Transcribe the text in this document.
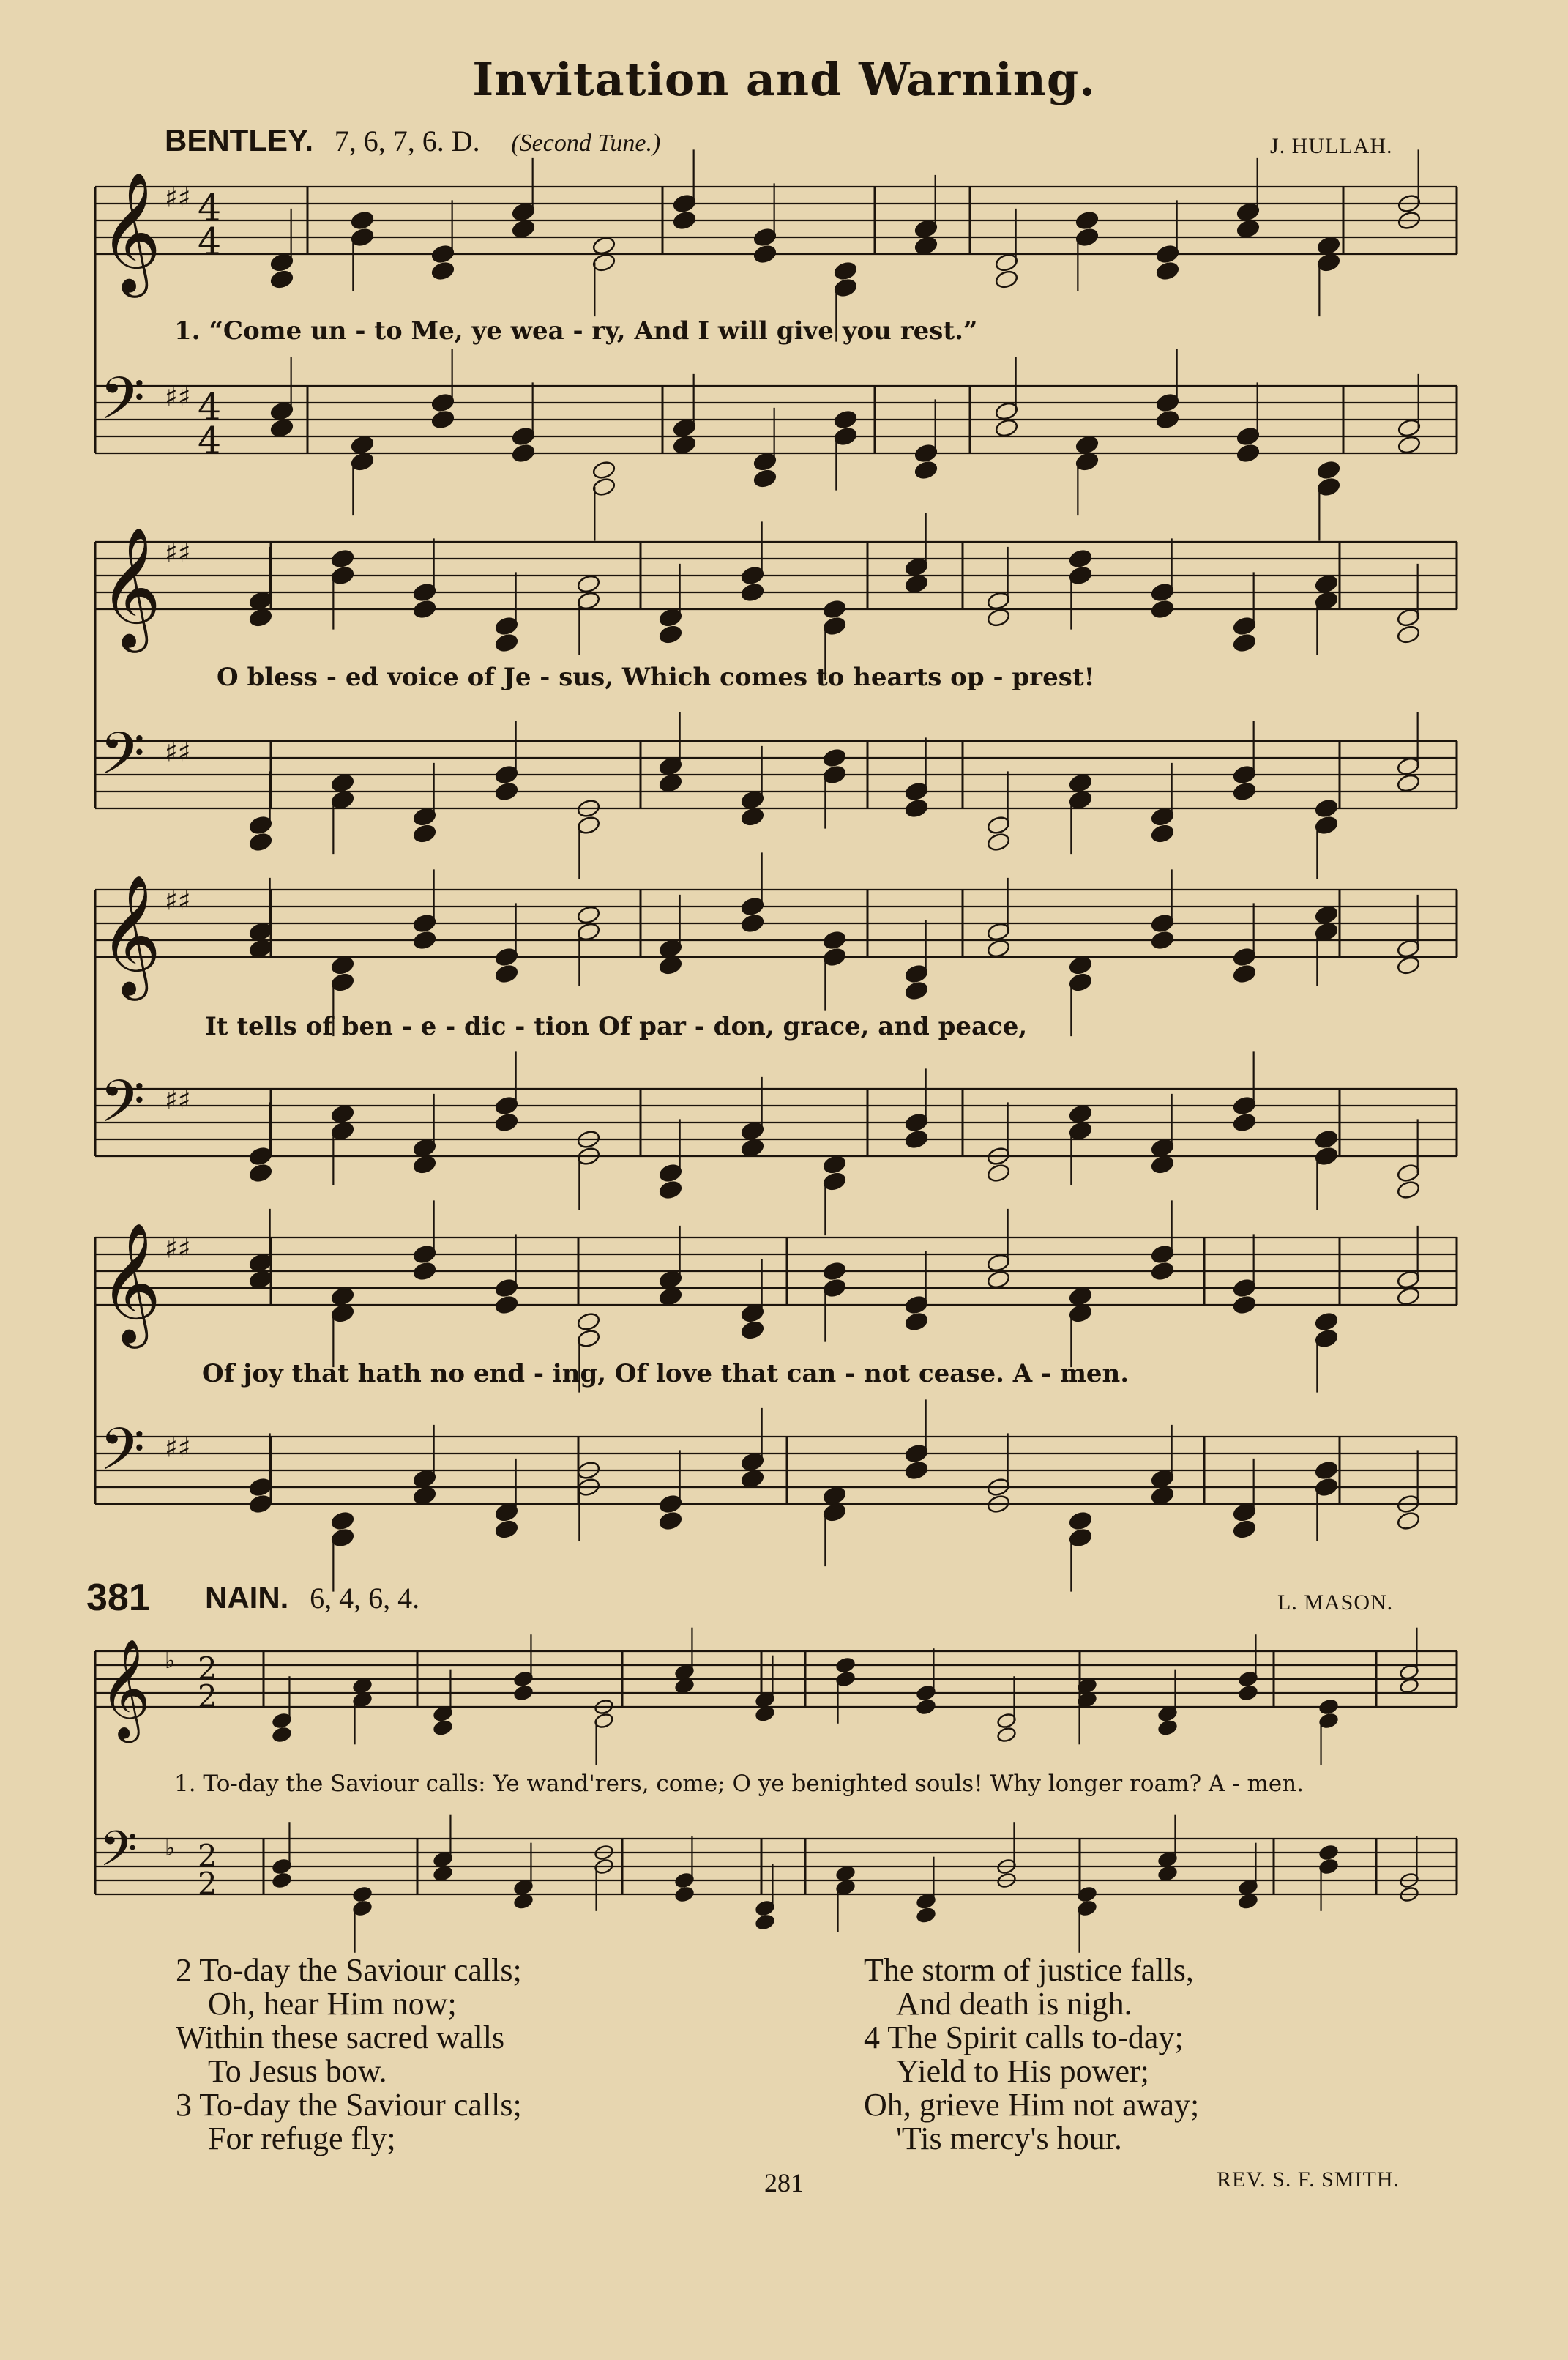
Invitation and Warning.
BENTLEY. 7, 6, 7, 6. D. (Second Tune.)	J. HULLAH.
𝄞 ♯♯ 4
4
𝄢 ♯♯ 4
4
𝄞 ♯♯
𝄢 ♯♯
𝄞 ♯♯
𝄢 ♯♯
𝄞 ♯♯
𝄢 ♯♯
𝄞 ♭ 2
2
𝄢 ♭ 2
2
1. “Come un - to Me, ye wea - ry, And I will give you rest.”
O bless - ed voice of Je - sus, Which comes to hearts op - prest!
It tells of ben - e - dic - tion Of par - don, grace, and peace,
Of joy that hath no end - ing, Of love that can - not cease. A - men.
381 NAIN. 6, 4, 6, 4.	L. MASON.
1. To-day the Saviour calls: Ye wand'rers, come; O ye benighted souls! Why longer roam? A - men.
2 To-day the Saviour calls;
Oh, hear Him now;
Within these sacred walls
To Jesus bow.
3 To-day the Saviour calls;
For refuge fly;
The storm of justice falls,
And death is nigh.
4 The Spirit calls to-day;
Yield to His power;
Oh, grieve Him not away;
'Tis mercy's hour.
281	REV. S. F. SMITH.
